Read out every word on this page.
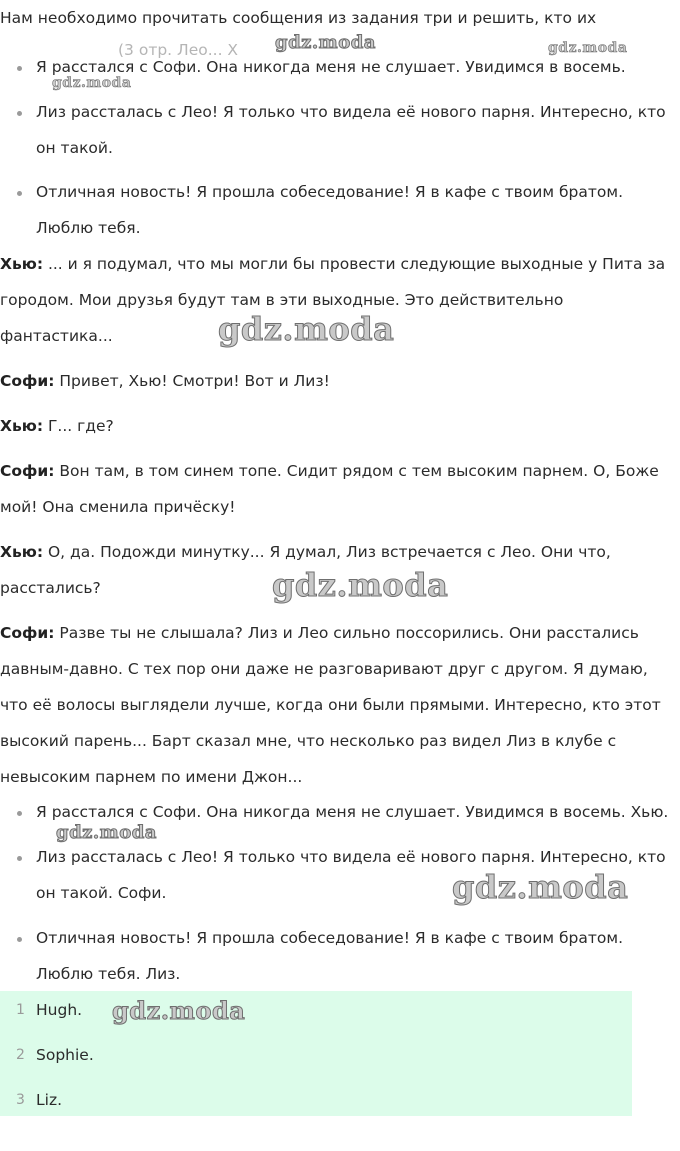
Нам необходимо прочитать сообщения из задания три и решить, кто их
(3 отр. Лео... Х
Я расстался с Софи. Она никогда меня не слушает. Увидимся в восемь.
Лиз рассталась с Лео! Я только что видела её нового парня. Интересно, кто
он такой.
Отличная новость! Я прошла собеседование! Я в кафе с твоим братом.
Люблю тебя.
Хью: ... и я подумал, что мы могли бы провести следующие выходные у Пита за
городом. Мои друзья будут там в эти выходные. Это действительно
фантастика...
Софи: Привет, Хью! Смотри! Вот и Лиз!
Хью: Г... где?
Софи: Вон там, в том синем топе. Сидит рядом с тем высоким парнем. О, Боже
мой! Она сменила причёску!
Хью: О, да. Подожди минутку... Я думал, Лиз встречается с Лео. Они что,
расстались?
Софи: Разве ты не слышала? Лиз и Лео сильно поссорились. Они расстались
давным-давно. С тех пор они даже не разговаривают друг с другом. Я думаю,
что её волосы выглядели лучше, когда они были прямыми. Интересно, кто этот
высокий парень... Барт сказал мне, что несколько раз видел Лиз в клубе с
невысоким парнем по имени Джон...
Я расстался с Софи. Она никогда меня не слушает. Увидимся в восемь. Хью.
Лиз рассталась с Лео! Я только что видела её нового парня. Интересно, кто
он такой. Софи.
Отличная новость! Я прошла собеседование! Я в кафе с твоим братом.
Люблю тебя. Лиз.
1 Hugh.
2 Sophie.
3 Liz.
gdz.moda	gdz.moda
gdz.moda
gdz.moda
gdz.moda
gdz.moda
gdz.moda
gdz.moda
